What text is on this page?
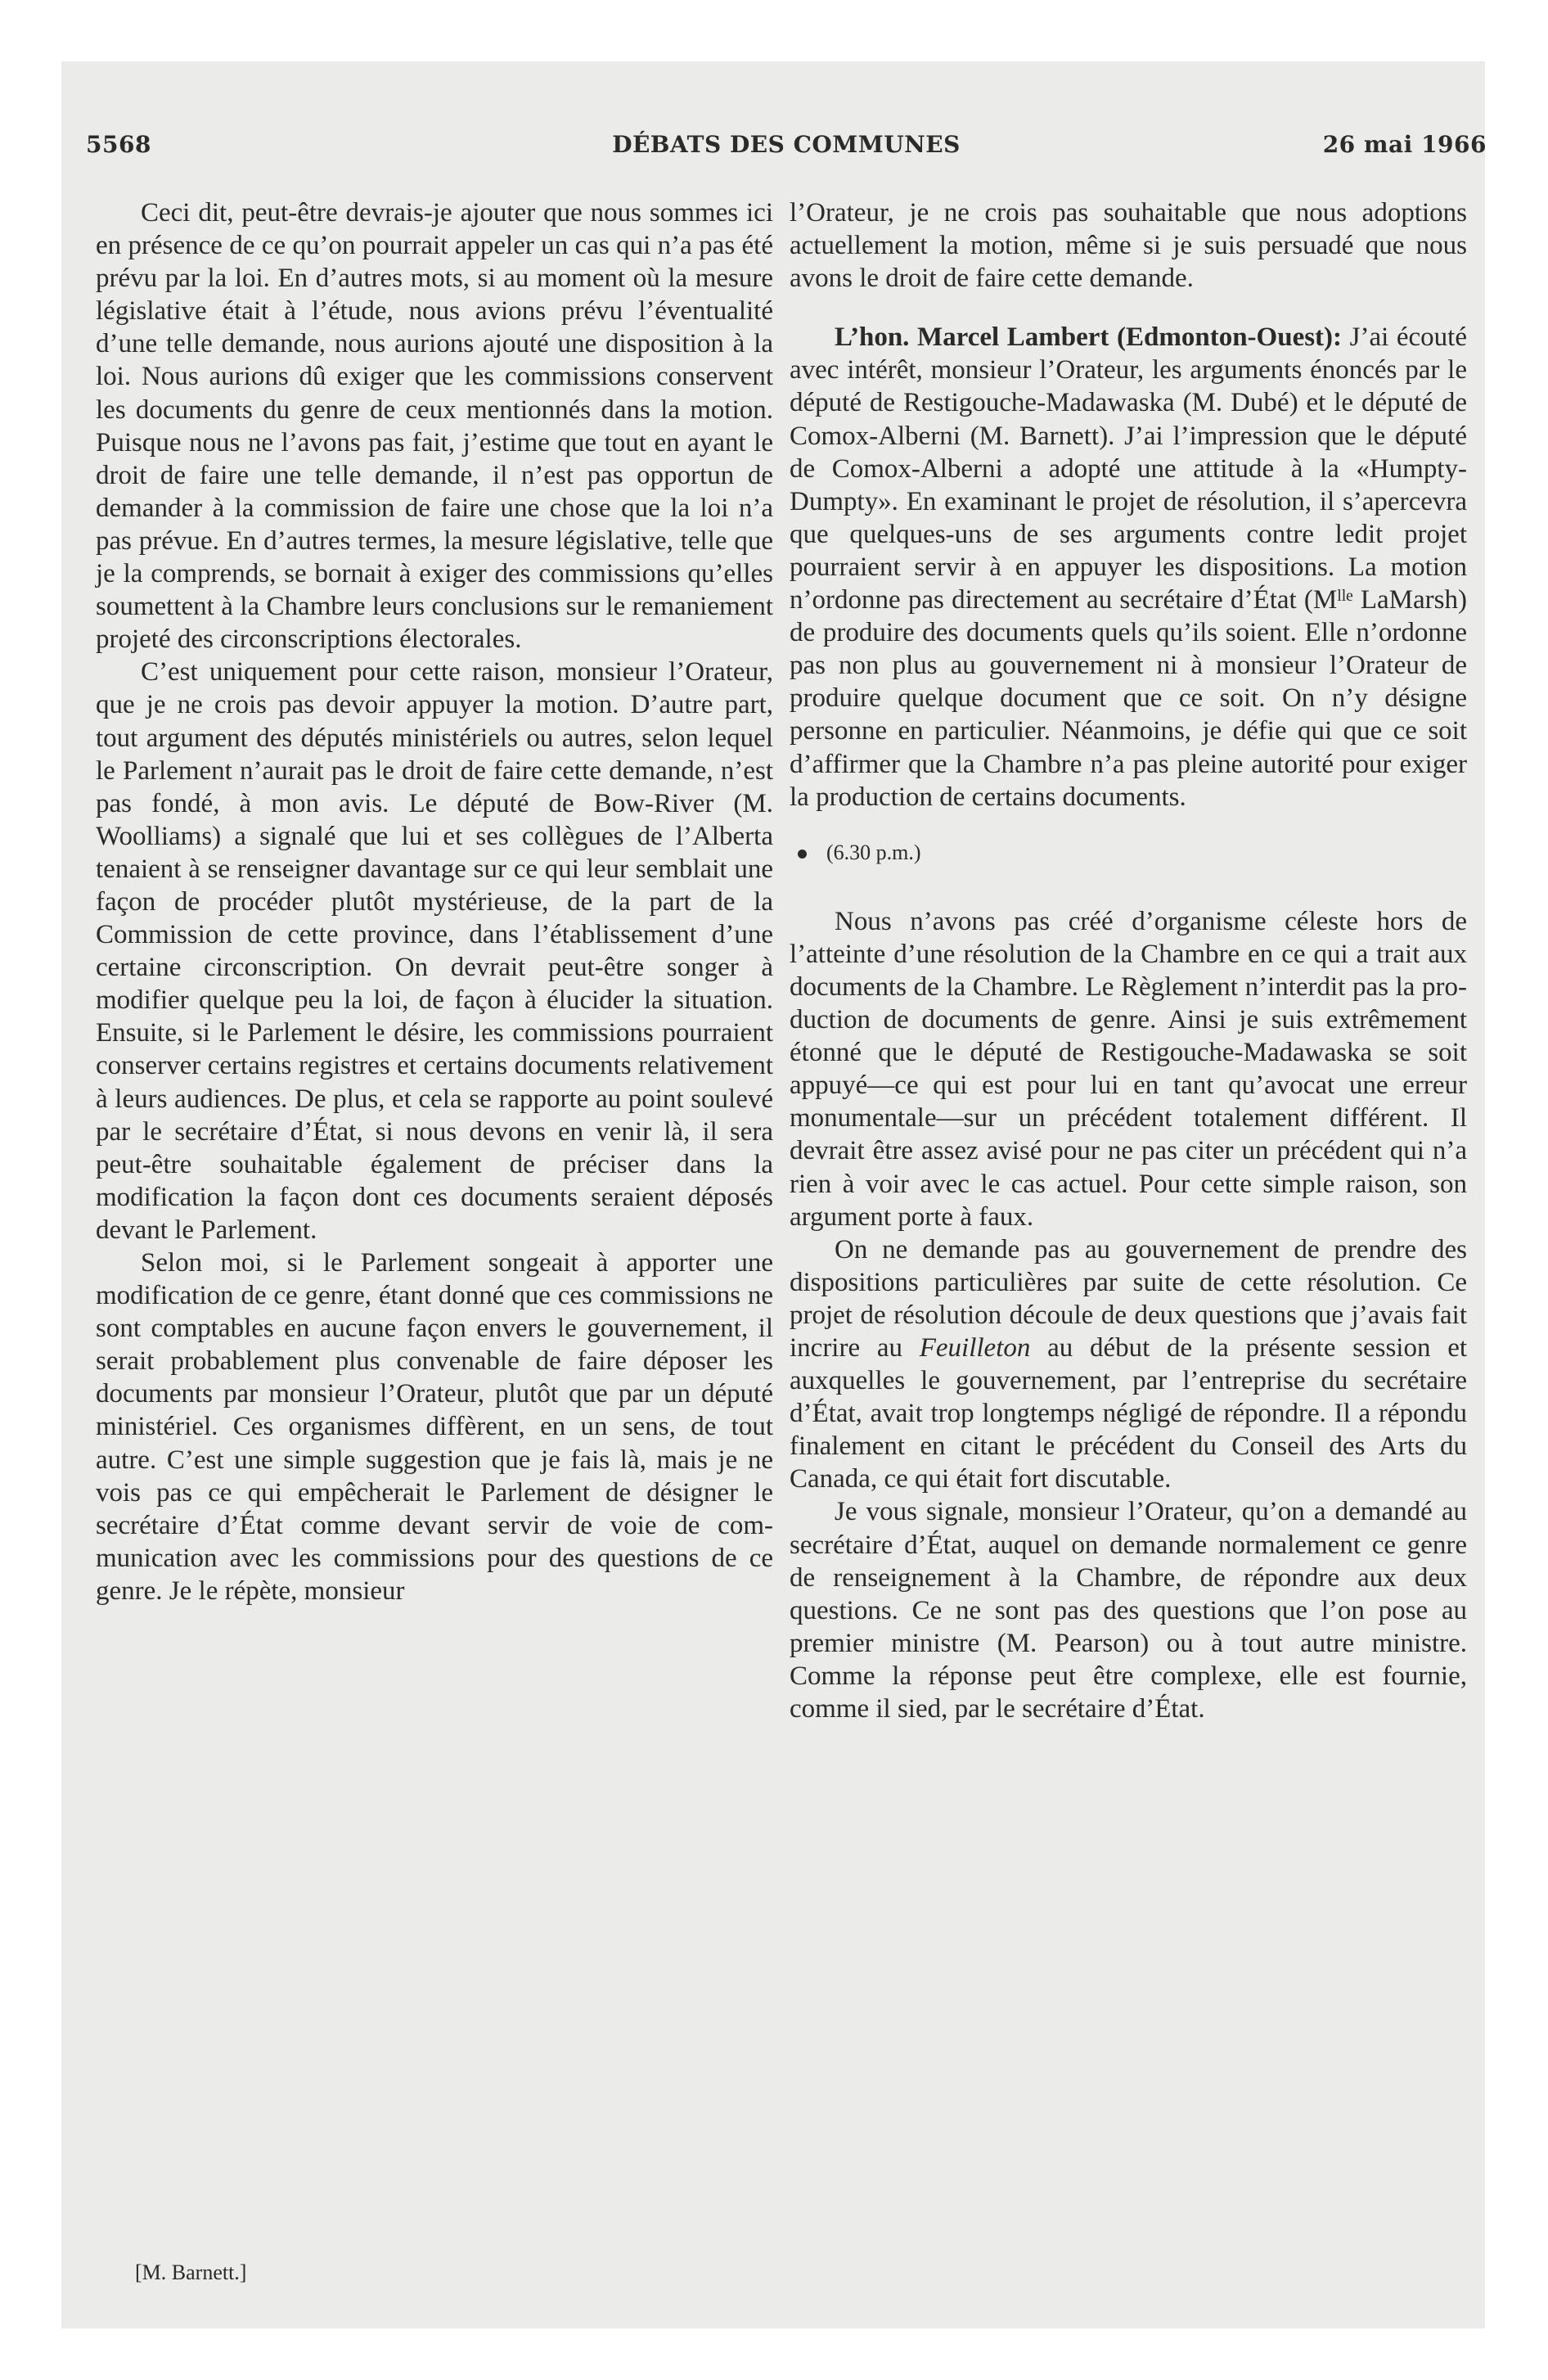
5568	DÉBATS DES COMMUNES	26 mai 1966

Ceci dit, peut-être devrais-je ajouter que nous sommes ici en présence de ce qu’on pourrait appeler un cas qui n’a pas été prévu par la loi. En d’autres mots, si au moment où la mesure législative était à l’étude, nous avions prévu l’éventualité d’une telle demande, nous aurions ajouté une disposition à la loi. Nous aurions dû exiger que les commissions conservent les documents du genre de ceux mentionnés dans la motion. Puisque nous ne l’avons pas fait, j’estime que tout en ayant le droit de faire une telle demande, il n’est pas opportun de demander à la commission de faire une chose que la loi n’a pas prévue. En d’autres termes, la mesure législative, telle que je la comprends, se bornait à exiger des commissions qu’elles soumettent à la Chambre leurs conclusions sur le remaniement projeté des circonscriptions électorales.

C’est uniquement pour cette raison, monsieur l’Orateur, que je ne crois pas devoir appuyer la motion. D’autre part, tout argument des députés ministériels ou autres, selon lequel le Parlement n’aurait pas le droit de faire cette demande, n’est pas fondé, à mon avis. Le député de Bow-River (M. Woolliams) a signalé que lui et ses collègues de l’Alberta tenaient à se renseigner davantage sur ce qui leur semblait une façon de procéder plutôt mystérieuse, de la part de la Commission de cette province, dans l’établissement d’une certaine circonscription. On devrait peut-être songer à modifier quelque peu la loi, de façon à élucider la situation. Ensuite, si le Parlement le désire, les commissions pourraient conserver certains registres et certains documents relativement à leurs audiences. De plus, et cela se rapporte au point soulevé par le secrétaire d’État, si nous devons en venir là, il sera peut-être souhaitable également de préciser dans la modification la façon dont ces documents seraient déposés devant le Parlement.

Selon moi, si le Parlement songeait à apporter une modification de ce genre, étant donné que ces commissions ne sont comptables en aucune façon envers le gouvernement, il serait probablement plus convenable de faire déposer les documents par monsieur l’Orateur, plutôt que par un député ministériel. Ces organismes diffèrent, en un sens, de tout autre. C’est une simple suggestion que je fais là, mais je ne vois pas ce qui empêcherait le Parlement de désigner le secrétaire d’État comme devant servir de voie de communication avec les commissions pour des questions de ce genre. Je le répète, monsieur

[M. Barnett.]

l’Orateur, je ne crois pas souhaitable que nous adoptions actuellement la motion, même si je suis persuadé que nous avons le droit de faire cette demande.

L’hon. Marcel Lambert (Edmonton-Ouest): J’ai écouté avec intérêt, monsieur l’Orateur, les arguments énoncés par le député de Restigouche-Madawaska (M. Dubé) et le député de Comox-Alberni (M. Barnett). J’ai l’impression que le député de Comox-Alberni a adopté une attitude à la «Humpty-Dumpty». En examinant le projet de résolution, il s’apercevra que quelques-uns de ses arguments contre ledit projet pourraient servir à en appuyer les dispositions. La motion n’ordonne pas directement au secrétaire d’État (Mˡˡᵉ LaMarsh) de produire des documents quels qu’ils soient. Elle n’ordonne pas non plus au gouvernement ni à monsieur l’Orateur de produire quelque document que ce soit. On n’y désigne personne en particulier. Néanmoins, je défie qui que ce soit d’affirmer que la Chambre n’a pas pleine autorité pour exiger la production de certains documents.

(6.30 p.m.)

Nous n’avons pas créé d’organisme céleste hors de l’atteinte d’une résolution de la Chambre en ce qui a trait aux documents de la Chambre. Le Règlement n’interdit pas la production de documents de genre. Ainsi je suis extrêmement étonné que le député de Restigouche-Madawaska se soit appuyé—ce qui est pour lui en tant qu’avocat une erreur monumentale—sur un précédent totalement différent. Il devrait être assez avisé pour ne pas citer un précédent qui n’a rien à voir avec le cas actuel. Pour cette simple raison, son argument porte à faux.

On ne demande pas au gouvernement de prendre des dispositions particulières par suite de cette résolution. Ce projet de résolution découle de deux questions que j’avais fait incrire au Feuilleton au début de la présente session et auxquelles le gouvernement, par l’entreprise du secrétaire d’État, avait trop longtemps négligé de répondre. Il a répondu finalement en citant le précédent du Conseil des Arts du Canada, ce qui était fort discutable.

Je vous signale, monsieur l’Orateur, qu’on a demandé au secrétaire d’État, auquel on demande normalement ce genre de renseignement à la Chambre, de répondre aux deux questions. Ce ne sont pas des questions que l’on pose au premier ministre (M. Pearson) ou à tout autre ministre. Comme la réponse peut être complexe, elle est fournie, comme il sied, par le secrétaire d’État.
